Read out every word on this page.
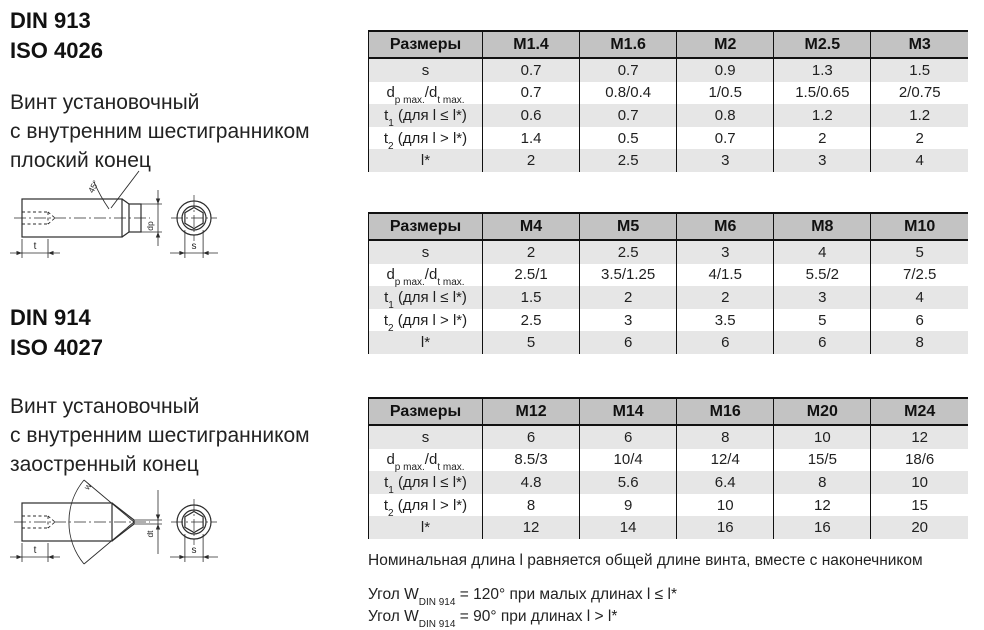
DIN 913
ISO 4026
Винт установочный
с внутренним шестигранником
плоский конец
45°
dp
t	s
DIN 914
ISO 4027
Винт установочный
с внутренним шестигранником
заостренный конец
w
dt
t	s
Размеры	M1.4	M1.6	M2	M2.5	M3
s	0.7	0.7	0.9	1.3	1.5
$d_{p max.}/d_{t max.}$	0.7	0.8/0.4	1/0.5	1.5/0.65	2/0.75
$t_1$ (для l ≤ l*)	0.6	0.7	0.8	1.2	1.2
$t_2$ (для l > l*)	1.4	0.5	0.7	2	2
l*	2	2.5	3	3	4
Размеры	M4	M5	M6	M8	M10
s	2	2.5	3	4	5
$d_{p max.}/d_{t max.}$	2.5/1	3.5/1.25	4/1.5	5.5/2	7/2.5
$t_1$ (для l ≤ l*)	1.5	2	2	3	4
$t_2$ (для l > l*)	2.5	3	3.5	5	6
l*	5	6	6	6	8
Размеры	M12	M14	M16	M20	M24
s	6	6	8	10	12
$d_{p max.}/d_{t max.}$	8.5/3	10/4	12/4	15/5	18/6
$t_1$ (для l ≤ l*)	4.8	5.6	6.4	8	10
$t_2$ (для l > l*)	8	9	10	12	15
l*	12	14	16	16	20
Номинальная длина l равняется общей длине винта, вместе с наконечником
Угол $W_{DIN 914} = 120^\circ$ при малых длинах l ≤ l*
Угол $W_{DIN 914} = 90^\circ$ при длинах l > l*
